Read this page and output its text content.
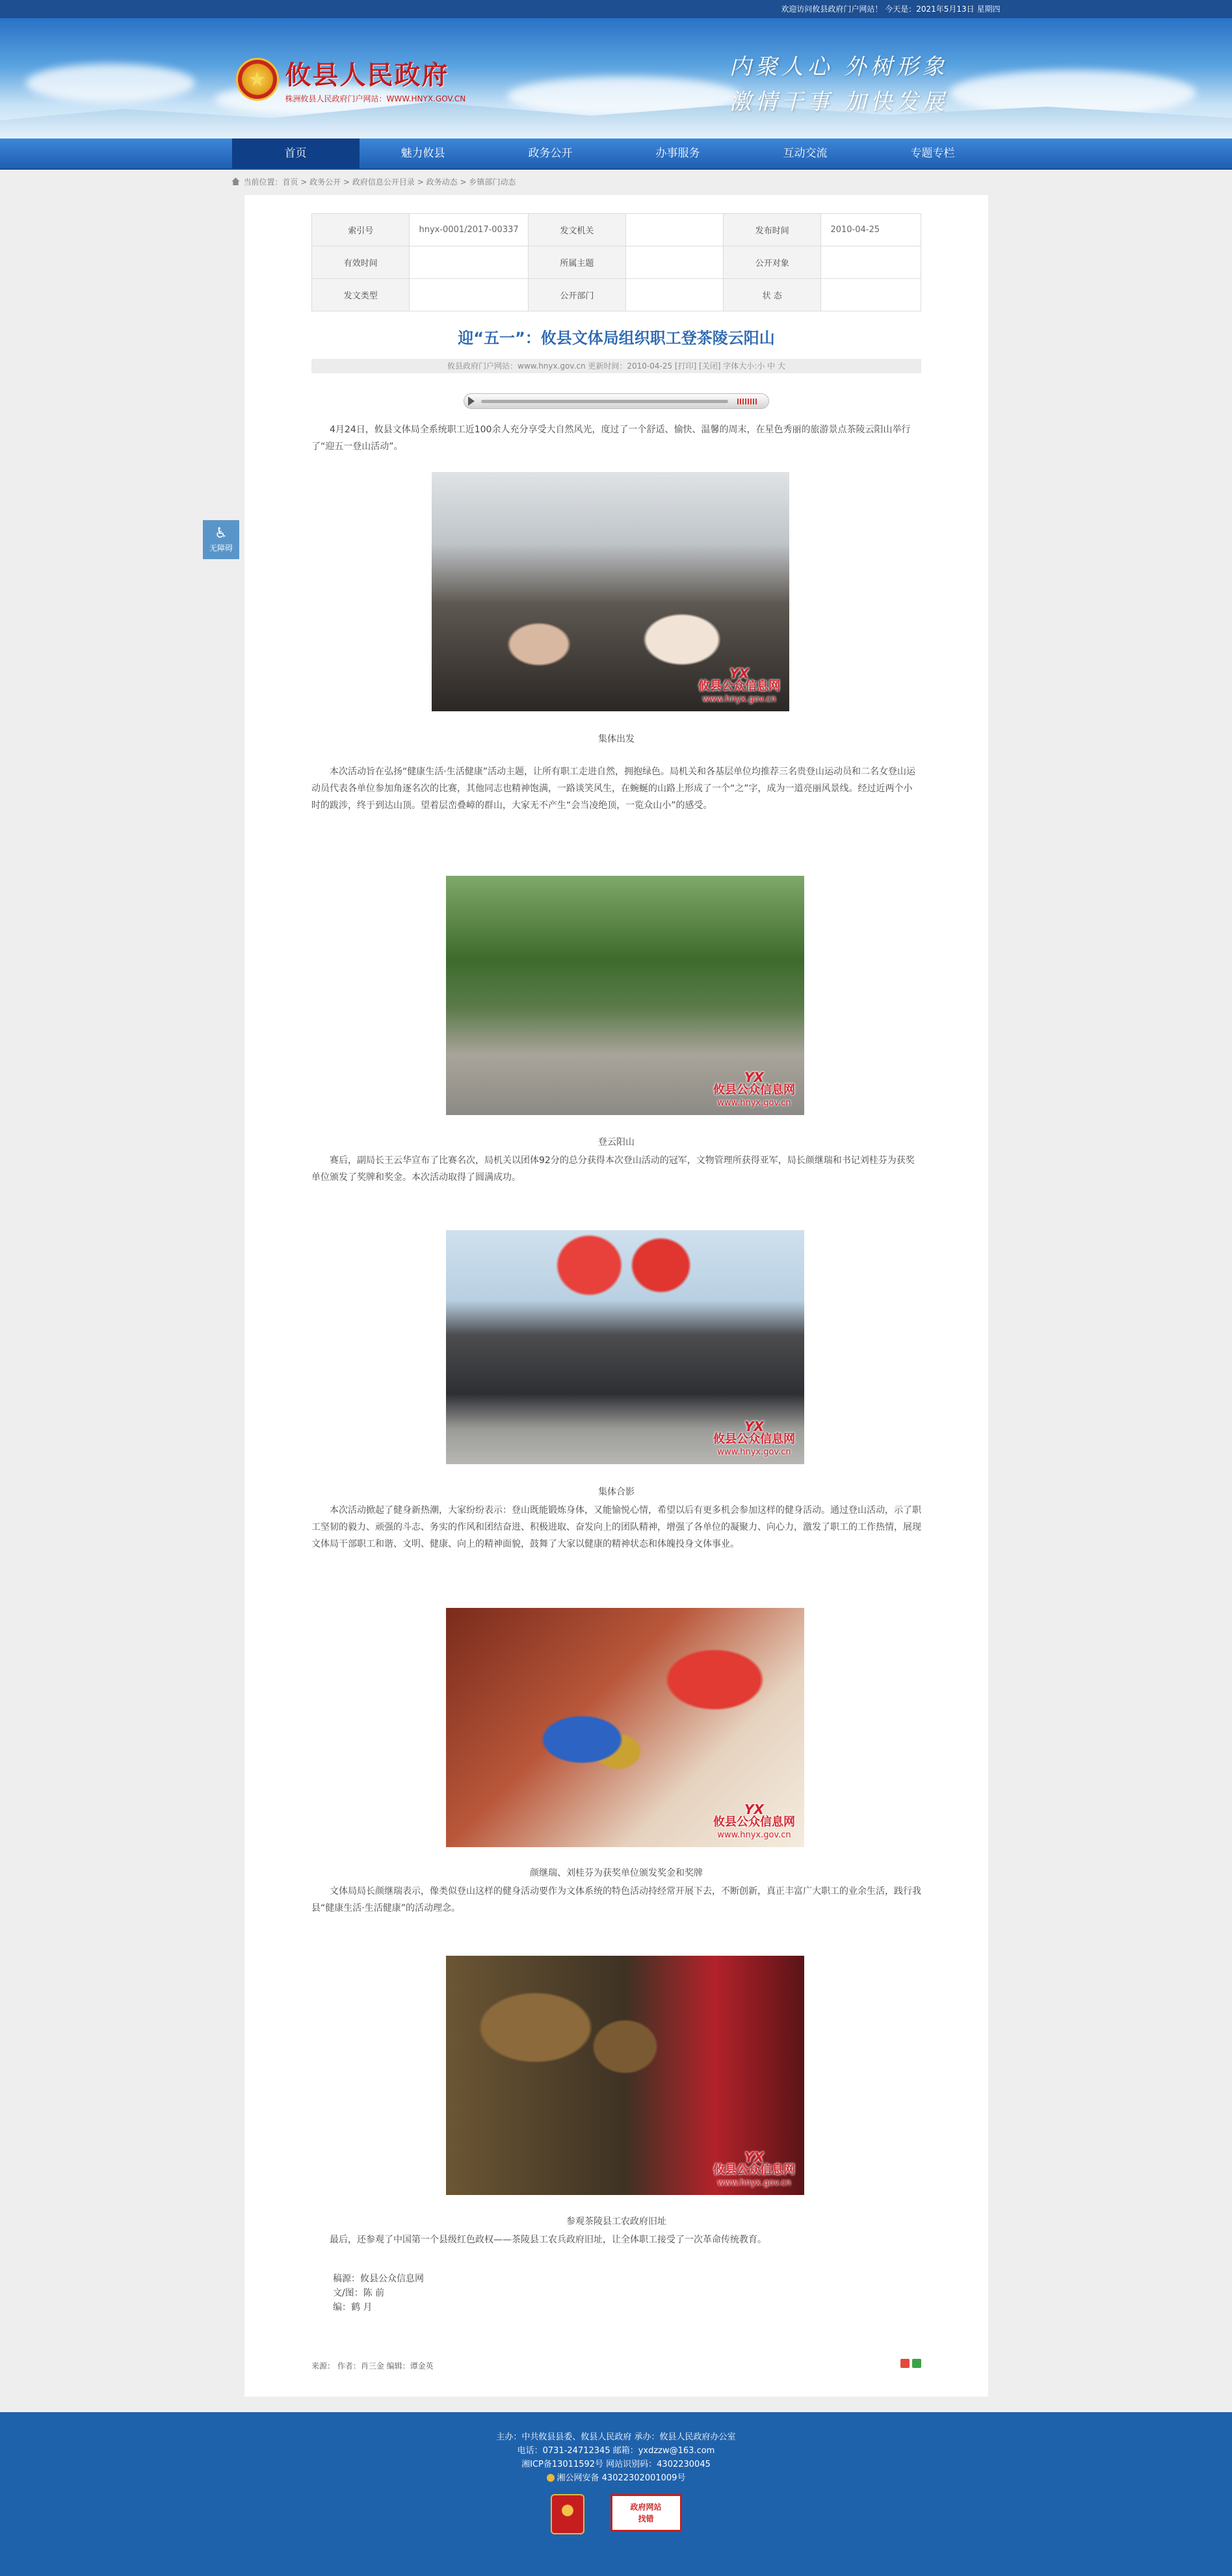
欢迎访问攸县政府门户网站！ 今天是：2021年5月13日 星期四
★ 攸县人民政府
株洲攸县人民政府门户网站：WWW.HNYX.GOV.CN
内聚人心 外树形象
激情干事 加快发展
首页	魅力攸县	政务公开	办事服务	互动交流	专题专栏
当前位置：首页 > 政务公开 > 政府信息公开目录 > 政务动态 > 乡镇部门动态
♿
无障碍
索引号	hnyx-0001/2017-00337	发文机关		发布时间	2010-04-25
有效时间		所属主题		公开对象	
发文类型		公开部门		状 态	
迎“五一”：攸县文体局组织职工登茶陵云阳山
攸县政府门户网站：www.hnyx.gov.cn 更新时间：2010-04-25 [打印] [关闭] 字体大小:小 中 大
4月24日，攸县文体局全系统职工近100余人充分享受大自然风光，度过了一个舒适、愉快、温馨的周末，在星色秀丽的旅游景点茶陵云阳山举行了“迎五一登山活动”。
YX
攸县公众信息网
www.hnyx.gov.cn
集体出发
本次活动旨在弘扬“健康生活·生活健康”活动主题，让所有职工走进自然，拥抱绿色。局机关和各基层单位均推荐三名贵登山运动员和二名女登山运动员代表各单位参加角逐名次的比赛，其他同志也精神饱满，一路谈笑风生，在蜿蜒的山路上形成了一个“之”字，成为一道亮丽风景线。经过近两个小时的跋涉，终于到达山顶。望着层峦叠嶂的群山，大家无不产生“会当凌绝顶，一览众山小”的感受。
YX
攸县公众信息网
www.hnyx.gov.cn
登云阳山
赛后，副局长王云华宣布了比赛名次，局机关以团体92分的总分获得本次登山活动的冠军，文物管理所获得亚军，局长颜继瑞和书记刘桂芬为获奖单位颁发了奖牌和奖金。本次活动取得了圆满成功。
YX
攸县公众信息网
www.hnyx.gov.cn
集体合影
本次活动掀起了健身新热潮，大家纷纷表示：登山既能锻炼身体，又能愉悦心情，希望以后有更多机会参加这样的健身活动。通过登山活动，示了职工坚韧的毅力、顽强的斗志、务实的作风和团结奋进、积极进取、奋发向上的团队精神，增强了各单位的凝聚力、向心力，激发了职工的工作热情，展现文体局干部职工和谐、文明、健康、向上的精神面貌，鼓舞了大家以健康的精神状态和体魄投身文体事业。
YX
攸县公众信息网
www.hnyx.gov.cn
颜继瑞、刘桂芬为获奖单位颁发奖金和奖牌
文体局局长颜继瑞表示，像类似登山这样的健身活动要作为文体系统的特色活动持经常开展下去，不断创新，真正丰富广大职工的业余生活，践行我县“健康生活·生活健康”的活动理念。
YX
攸县公众信息网
www.hnyx.gov.cn
参观茶陵县工农政府旧址
最后，还参观了中国第一个县级红色政权——茶陵县工农兵政府旧址，让全体职工接受了一次革命传统教育。
稿源：攸县公众信息网
文/图：陈 前
编：鹤 月
来源： 作者：肖三金 编辑：谭金英
主办：中共攸县县委、攸县人民政府 承办：攸县人民政府办公室
电话：0731-24712345 邮箱：yxdzzw@163.com
湘ICP备13011592号 网站识别码：4302230045
湘公网安备 43022302001009号
政府网站
找错
